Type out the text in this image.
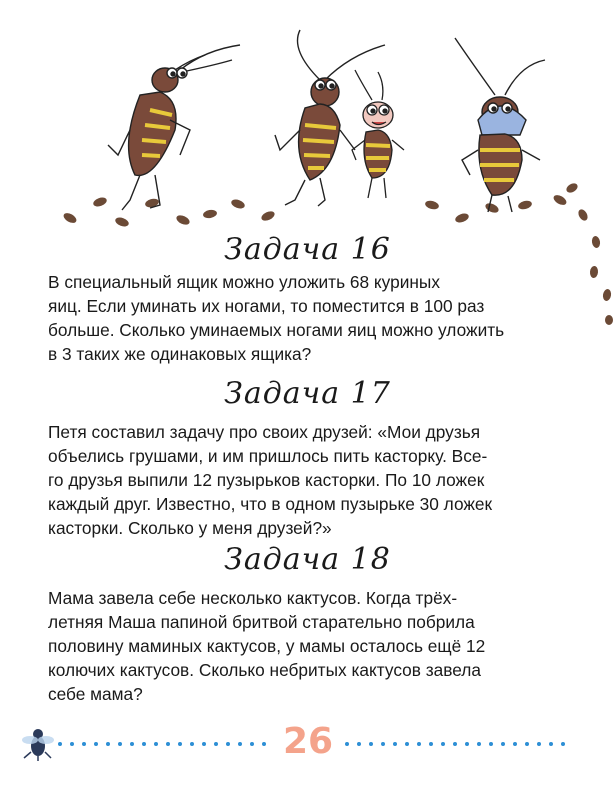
Задача 16
В специальный ящик можно уложить 68 куриных
яиц. Если уминать их ногами, то поместится в 100 раз
больше. Сколько уминаемых ногами яиц можно уложить
в 3 таких же одинаковых ящика?
Задача 17
Петя составил задачу про своих друзей: «Мои друзья
объелись грушами, и им пришлось пить касторку. Все-
го друзья выпили 12 пузырьков касторки. По 10 ложек
каждый друг. Известно, что в одном пузырьке 30 ложек
касторки. Сколько у меня друзей?»
Задача 18
Мама завела себе несколько кактусов. Когда трёх-
летняя Маша папиной бритвой старательно побрила
половину маминых кактусов, у мамы осталось ещё 12
колючих кактусов. Сколько небритых кактусов завела
себе мама?
26
